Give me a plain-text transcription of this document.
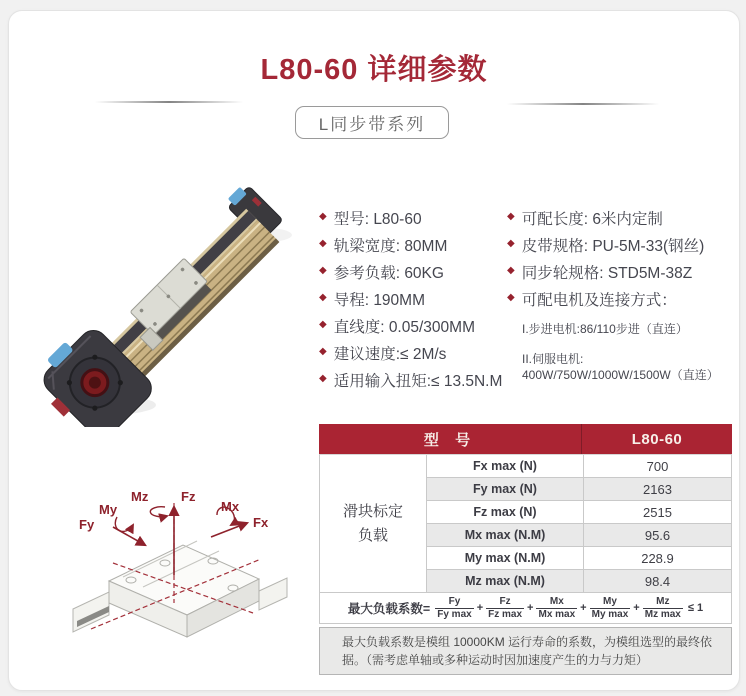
L80-60 详细参数
L同步带系列
◆ 型号: L80-60
◆ 轨梁宽度: 80MM
◆ 参考负载: 60KG
◆ 导程: 190MM
◆ 直线度: 0.05/300MM
◆ 建议速度:≤ 2M/s
◆ 适用输入扭矩:≤ 13.5N.M
◆ 可配长度: 6米内定制
◆ 皮带规格: PU-5M-33(钢丝)
◆ 同步轮规格: STD5M-38Z
◆ 可配电机及连接方式：
I.步进电机:86/110步进（直连）
II.伺服电机:
400W/750W/1000W/1500W（直连）
型 号	L80-60
滑块标定
负载
Fx max (N)	700
Fy max (N)	2163
Fz max (N)	2515
Mx max (N.M)	95.6
My max (N.M)	228.9
Mz max (N.M)	98.4
最大负载系数= $\frac{Fy}{\text{Fy max}} + \frac{Fz}{\text{Fz max}} + \frac{Mx}{\text{Mx max}} + \frac{My}{\text{My max}} + \frac{Mz}{\text{Mz max}} \le 1$
最大负载系数是模组 10000KM 运行寿命的系数，为模组选型的最终依据。（需考虑单轴或多种运动时因加速度产生的力与力矩）
Mz	Fz
My
Fy
Mx
Fx
